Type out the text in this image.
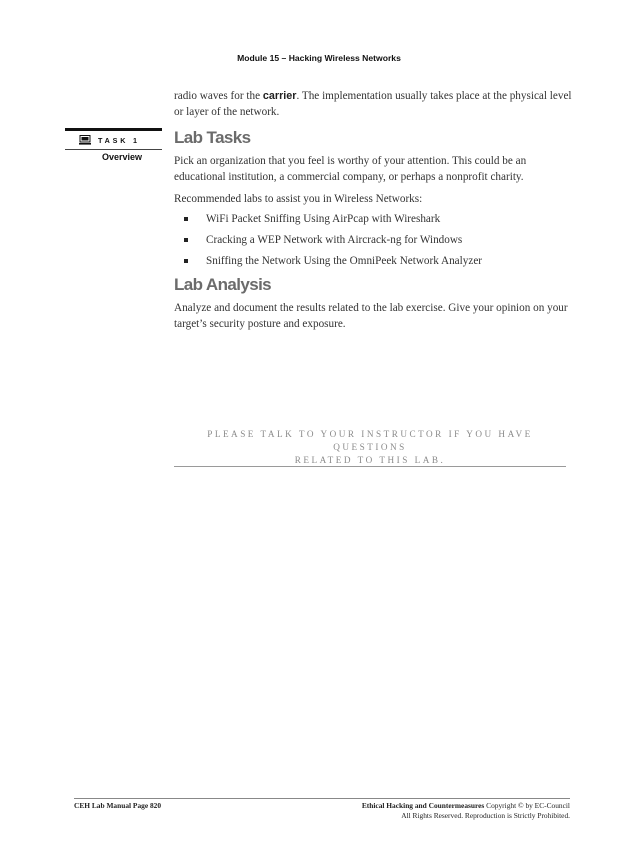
Module 15 – Hacking Wireless Networks
TASK 1
Overview

radio waves for the carrier. The implementation usually takes place at the physical level or layer of the network.

Lab Tasks

Pick an organization that you feel is worthy of your attention. This could be an educational institution, a commercial company, or perhaps a nonprofit charity.

Recommended labs to assist you in Wireless Networks:

WiFi Packet Sniffing Using AirPcap with Wireshark
Cracking a WEP Network with Aircrack-ng for Windows
Sniffing the Network Using the OmniPeek Network Analyzer
Lab Analysis

Analyze and document the results related to the lab exercise. Give your opinion on your target’s security posture and exposure.

PLEASE TALK TO YOUR INSTRUCTOR IF YOU HAVE QUESTIONS
RELATED TO THIS LAB.
CEH Lab Manual Page 820	Ethical Hacking and Countermeasures Copyright © by EC-Council
All Rights Reserved. Reproduction is Strictly Prohibited.
